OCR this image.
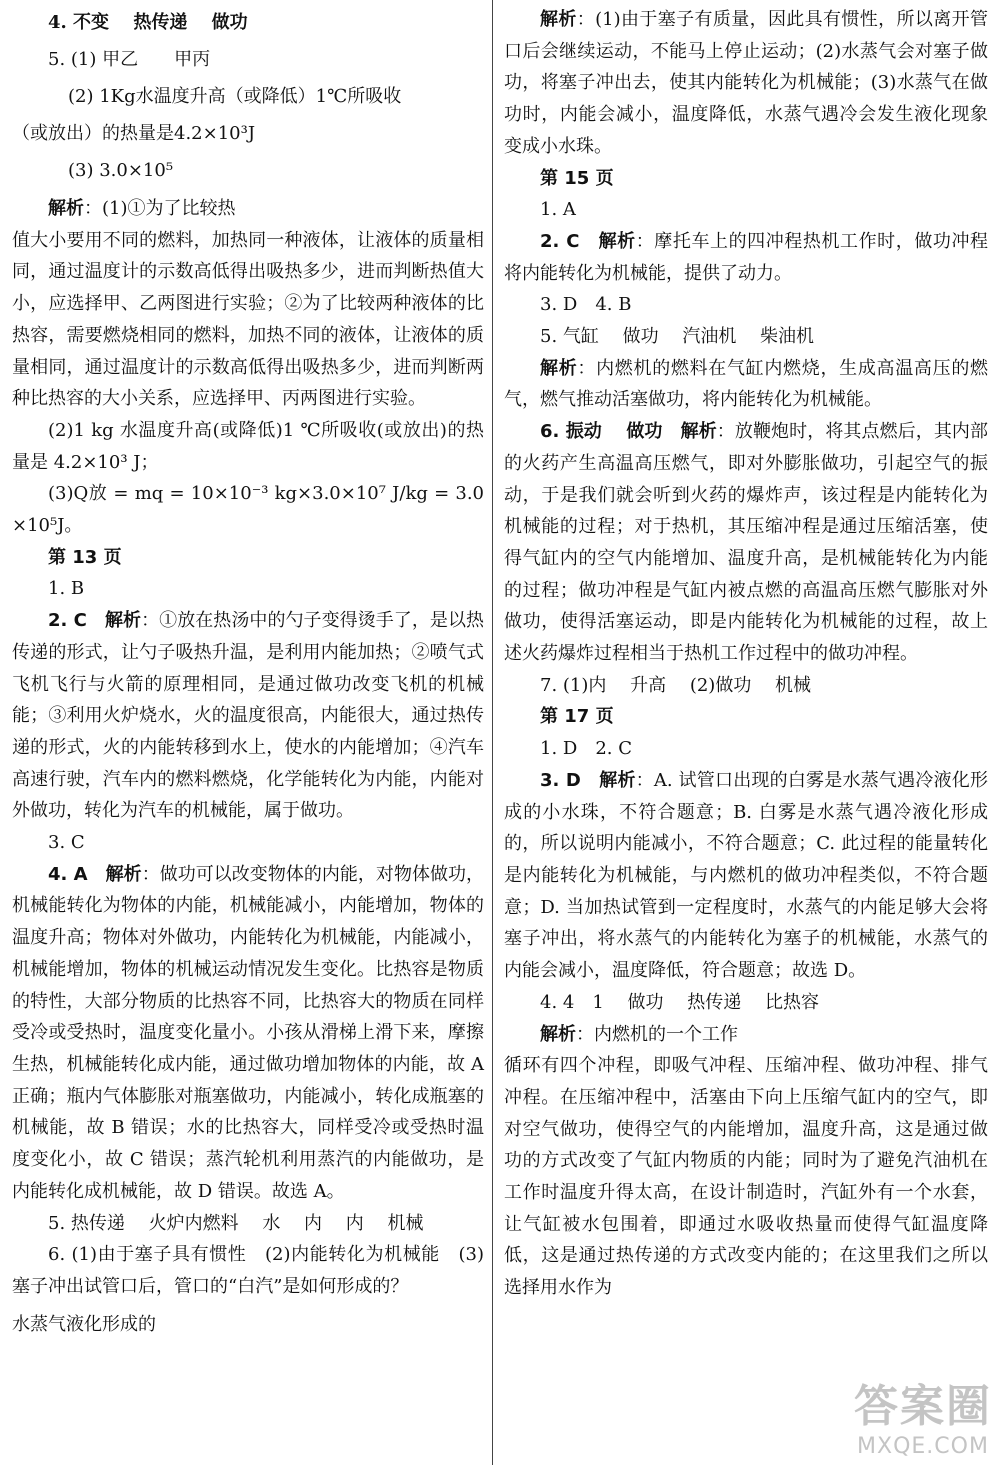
4. 不变　 热传递　 做功

5. (1) 甲乙　　甲丙

(2) 1Kg水温度升高（或降低）1℃所吸收

（或放出）的热量是4.2×10³J

(3) 3.0×10⁵

解析：(1)①为了比较热

值大小要用不同的燃料，加热同一种液体，让液体的质量相同，通过温度计的示数高低得出吸热多少，进而判断热值大小，应选择甲、乙两图进行实验；②为了比较两种液体的比热容，需要燃烧相同的燃料，加热不同的液体，让液体的质量相同，通过温度计的示数高低得出吸热多少，进而判断两种比热容的大小关系，应选择甲、丙两图进行实验。

(2)1 kg 水温度升高(或降低)1 ℃所吸收(或放出)的热量是 4.2×10³ J；

(3)Q放 = mq = 10×10⁻³ kg×3.0×10⁷ J/kg = 3.0×10⁵J。

第 13 页

1. B

2. C　 解析：①放在热汤中的勺子变得烫手了，是以热传递的形式，让勺子吸热升温，是利用内能加热；②喷气式飞机飞行与火箭的原理相同，是通过做功改变飞机的机械能；③利用火炉烧水，火的温度很高，内能很大，通过热传递的形式，火的内能转移到水上，使水的内能增加；④汽车高速行驶，汽车内的燃料燃烧，化学能转化为内能，内能对外做功，转化为汽车的机械能，属于做功。

3. C

4. A　 解析：做功可以改变物体的内能，对物体做功，机械能转化为物体的内能，机械能减小，内能增加，物体的温度升高；物体对外做功，内能转化为机械能，内能减小，机械能增加，物体的机械运动情况发生变化。比热容是物质的特性，大部分物质的比热容不同，比热容大的物质在同样受冷或受热时，温度变化量小。小孩从滑梯上滑下来，摩擦生热，机械能转化成内能，通过做功增加物体的内能，故 A 正确；瓶内气体膨胀对瓶塞做功，内能减小，转化成瓶塞的机械能，故 B 错误；水的比热容大，同样受冷或受热时温度变化小，故 C 错误；蒸汽轮机利用蒸汽的内能做功，是内能转化成机械能，故 D 错误。故选 A。

5. 热传递　 火炉内燃料　 水　 内　 内　 机械

6. (1)由于塞子具有惯性　(2)内能转化为机械能　(3)塞子冲出试管口后，管口的“白汽”是如何形成的？

水蒸气液化形成的

解析：(1)由于塞子有质量，因此具有惯性，所以离开管口后会继续运动，不能马上停止运动；(2)水蒸气会对塞子做功，将塞子冲出去，使其内能转化为机械能；(3)水蒸气在做功时，内能会减小，温度降低，水蒸气遇冷会发生液化现象变成小水珠。

第 15 页

1. A

2. C　 解析：摩托车上的四冲程热机工作时，做功冲程将内能转化为机械能，提供了动力。

3. D　4. B

5. 气缸　 做功　 汽油机　 柴油机

解析：内燃机的燃料在气缸内燃烧，生成高温高压的燃气，燃气推动活塞做功，将内能转化为机械能。

6. 振动　 做功　 解析：放鞭炮时，将其点燃后，其内部的火药产生高温高压燃气，即对外膨胀做功，引起空气的振动，于是我们就会听到火药的爆炸声，该过程是内能转化为机械能的过程；对于热机，其压缩冲程是通过压缩活塞，使得气缸内的空气内能增加、温度升高，是机械能转化为内能的过程；做功冲程是气缸内被点燃的高温高压燃气膨胀对外做功，使得活塞运动，即是内能转化为机械能的过程，故上述火药爆炸过程相当于热机工作过程中的做功冲程。

7. (1)内　 升高　 (2)做功　 机械

第 17 页

1. D　2. C

3. D　 解析：A. 试管口出现的白雾是水蒸气遇冷液化形成的小水珠，不符合题意；B. 白雾是水蒸气遇冷液化形成的，所以说明内能减小，不符合题意；C. 此过程的能量转化是内能转化为机械能，与内燃机的做功冲程类似，不符合题意；D. 当加热试管到一定程度时，水蒸气的内能足够大会将塞子冲出，将水蒸气的内能转化为塞子的机械能，水蒸气的内能会减小，温度降低，符合题意；故选 D。

4. 4　1　 做功　 热传递　 比热容

解析：内燃机的一个工作

循环有四个冲程，即吸气冲程、压缩冲程、做功冲程、排气冲程。在压缩冲程中，活塞由下向上压缩气缸内的空气，即对空气做功，使得空气的内能增加，温度升高，这是通过做功的方式改变了气缸内物质的内能；同时为了避免汽油机在工作时温度升得太高，在设计制造时，汽缸外有一个水套，让气缸被水包围着，即通过水吸收热量而使得气缸温度降低，这是通过热传递的方式改变内能的；在这里我们之所以选择用水作为

答案圈
MXQE.COM
